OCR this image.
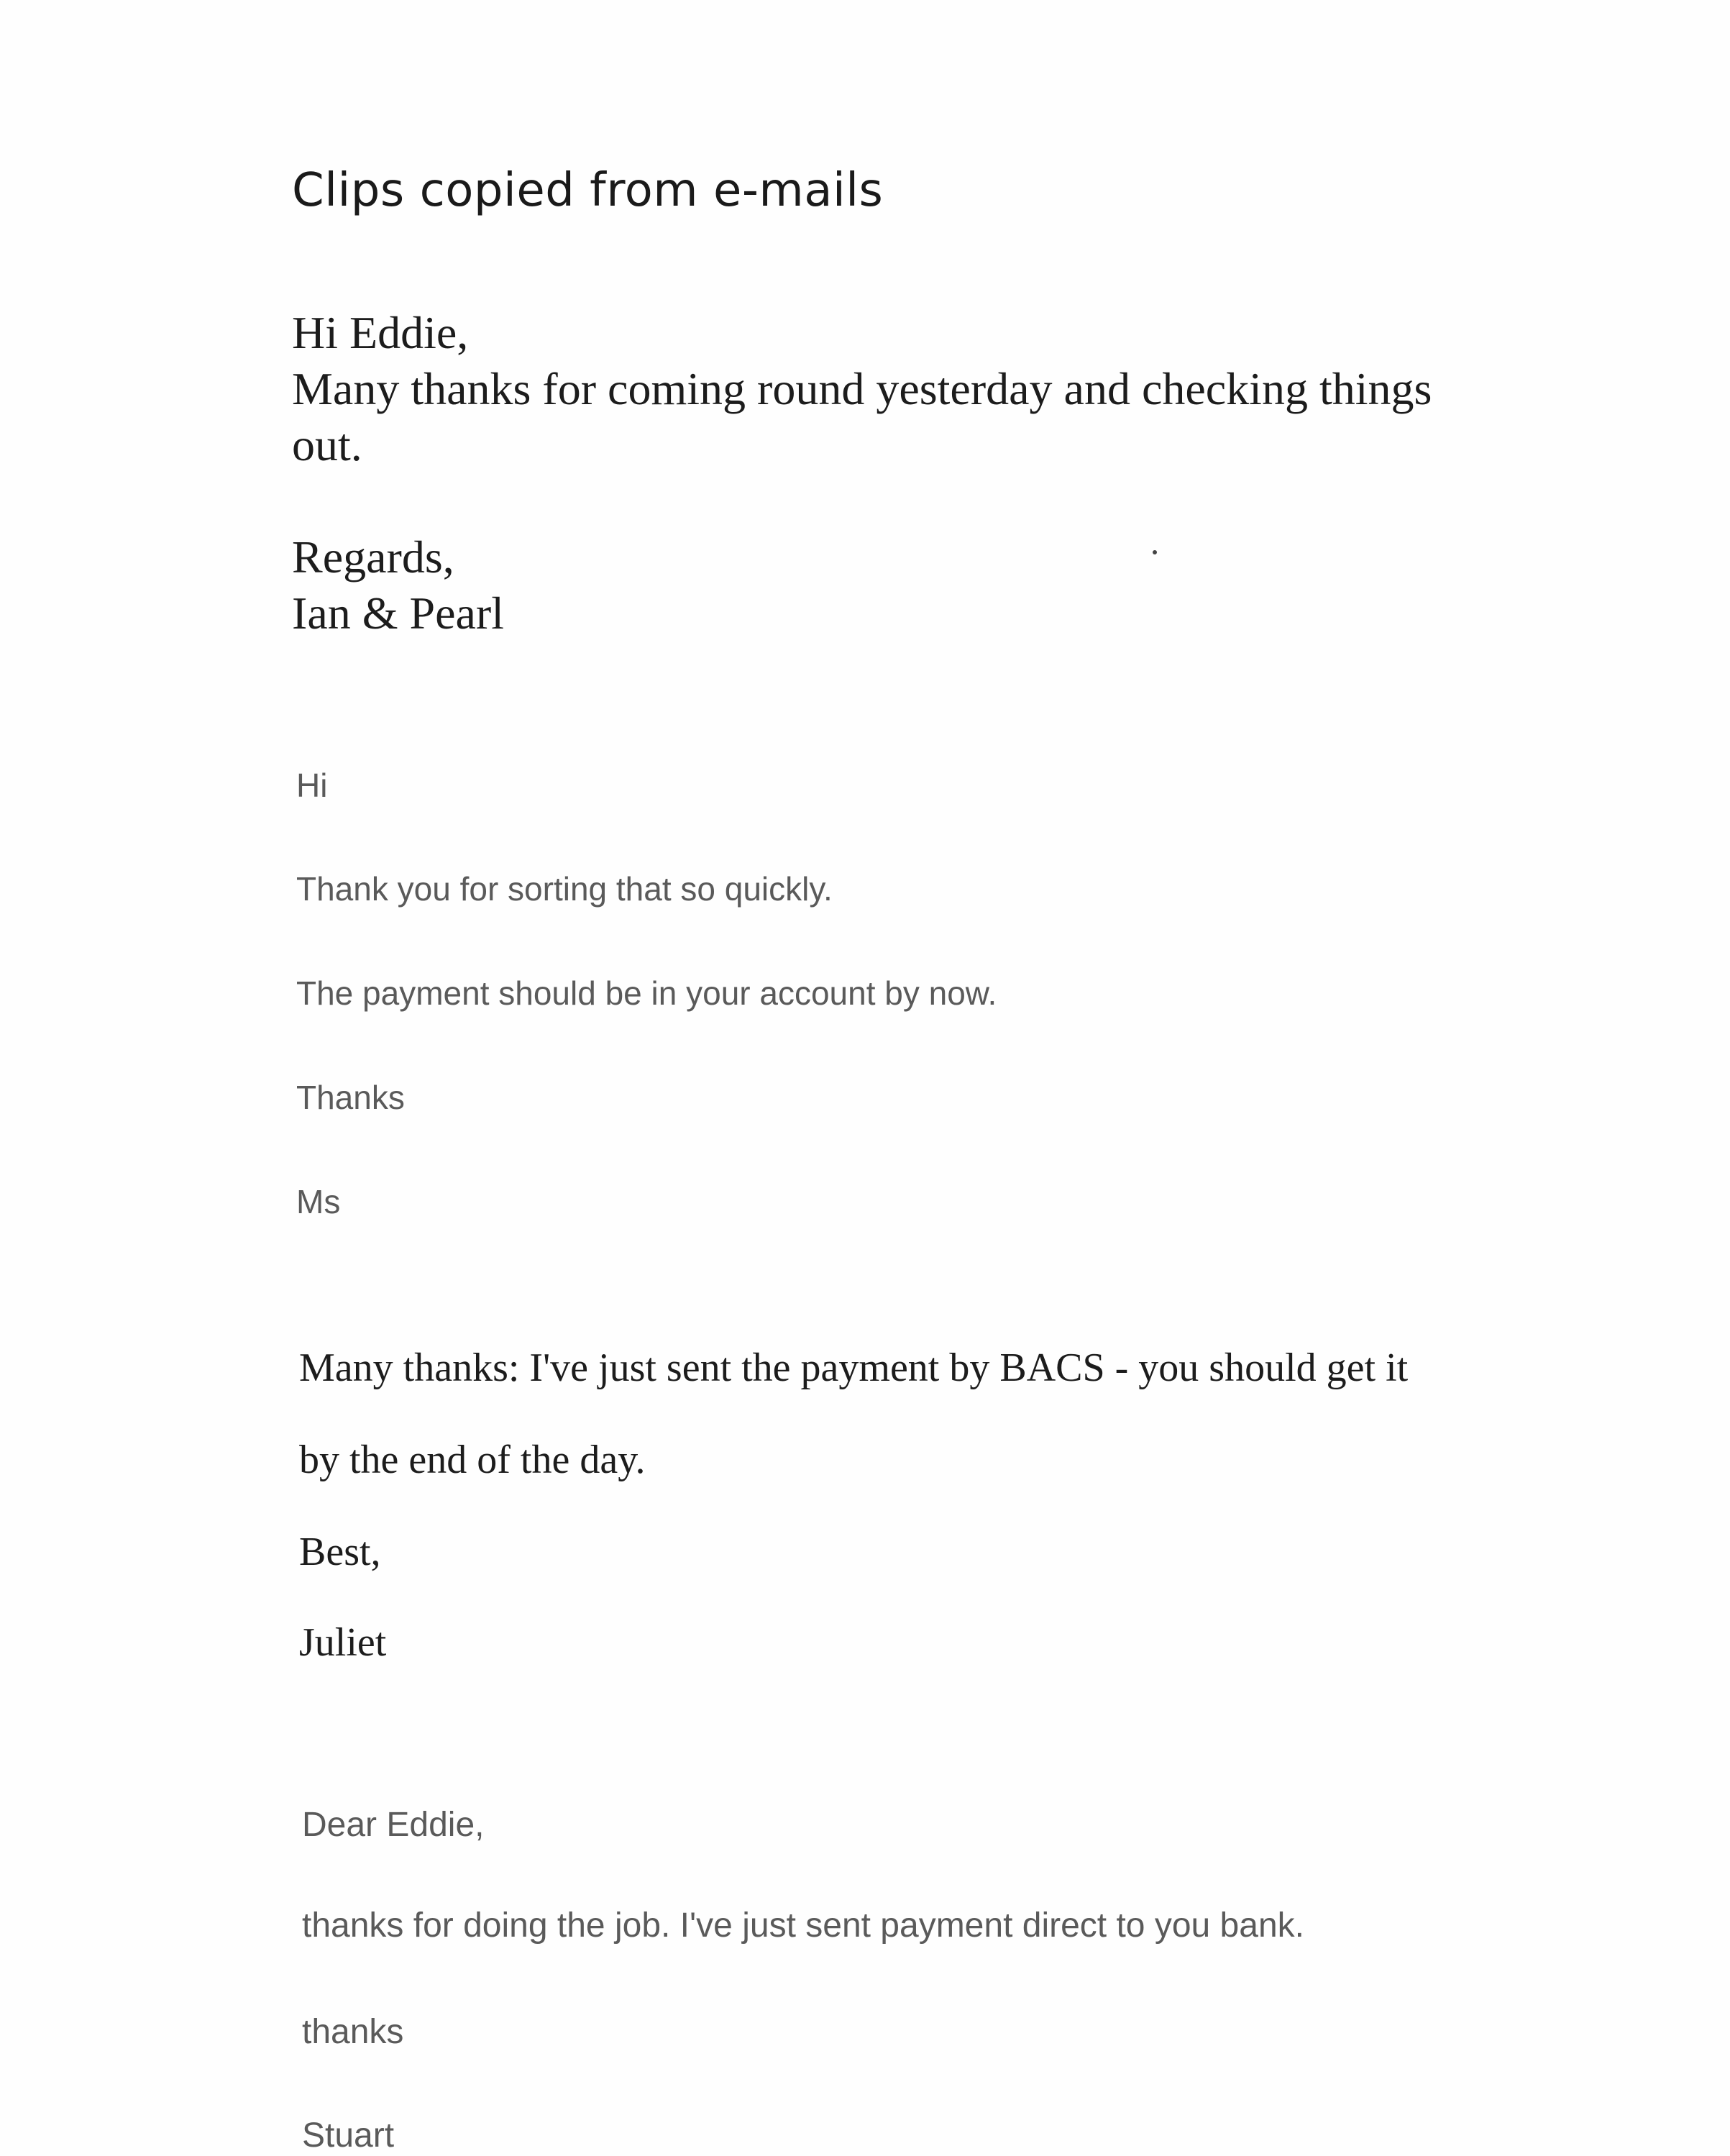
Clips copied from e-mails
Hi Eddie,
Many thanks for coming round yesterday and checking things
out.
Regards,
Ian & Pearl
Hi
Thank you for sorting that so quickly.
The payment should be in your account by now.
Thanks
Ms
Many thanks: I've just sent the payment by BACS - you should get it
by the end of the day.
Best,
Juliet
Dear Eddie,
thanks for doing the job. I've just sent payment direct to you bank.
thanks
Stuart
